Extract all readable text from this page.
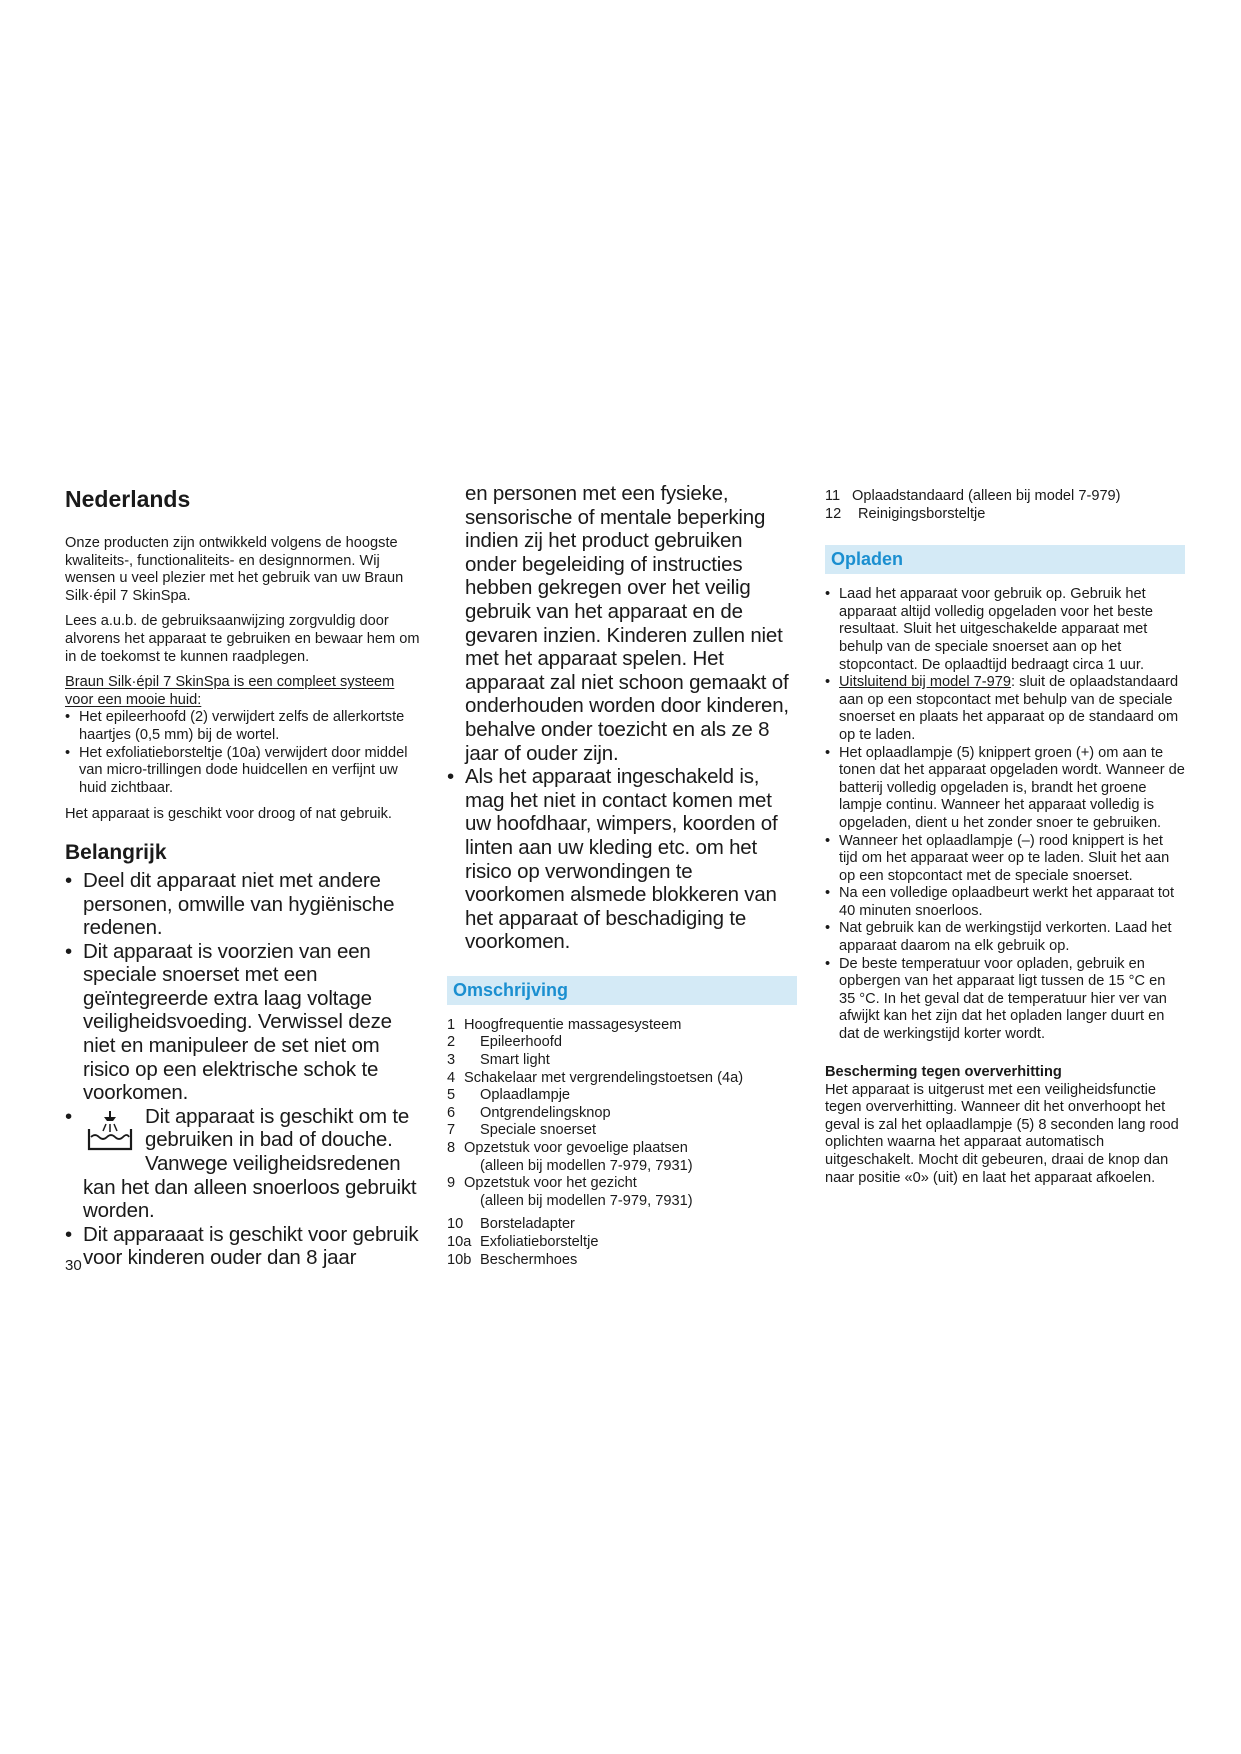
Nederlands

Onze producten zijn ontwikkeld volgens de hoogste kwaliteits-, functionaliteits- en designnormen. Wij wensen u veel plezier met het gebruik van uw Braun Silk·épil 7 SkinSpa.

Lees a.u.b. de gebruiksaanwijzing zorgvuldig door alvorens het apparaat te gebruiken en bewaar hem om in de toekomst te kunnen raadplegen.

Braun Silk·épil 7 SkinSpa is een compleet systeem voor een mooie huid:

• Het epileerhoofd (2) verwijdert zelfs de allerkortste haartjes (0,5 mm) bij de wortel.
• Het exfoliatieborsteltje (10a) verwijdert door middel van micro-trillingen dode huidcellen en verfijnt uw huid zichtbaar.

Het apparaat is geschikt voor droog of nat gebruik.

Belangrijk
• Deel dit apparaat niet met andere personen, omwille van hygiënische redenen.
• Dit apparaat is voorzien van een speciale snoerset met een geïntegreerde extra laag voltage veiligheidsvoeding. Verwissel deze niet en manipuleer de set niet om risico op een elektrische schok te voorkomen.

• Dit apparaat is geschikt om te gebruiken in bad of douche. Vanwege veiligheidsredenen kan het dan alleen snoerloos gebruikt worden.

• Dit apparaaat is geschikt voor gebruik voor kinderen ouder dan 8 jaar
30

en personen met een fysieke, sensorische of mentale beperking indien zij het product gebruiken onder begeleiding of instructies hebben gekregen over het veilig gebruik van het apparaat en de gevaren inzien. Kinderen zullen niet met het apparaat spelen. Het apparaat zal niet schoon gemaakt of onderhouden worden door kinderen, behalve onder toezicht en als ze 8 jaar of ouder zijn.

• Als het apparaat ingeschakeld is, mag het niet in contact komen met uw hoofdhaar, wimpers, koorden of linten aan uw kleding etc. om het risico op verwondingen te voorkomen alsmede blokkeren van het apparaat of beschadiging te voorkomen.
Omschrijving
1	Hoogfrequentie massagesysteem
2	Epileerhoofd
3	Smart light
4	Schakelaar met vergrendelingstoetsen (4a)
5	Oplaadlampje
6	Ontgrendelingsknop
7	Speciale snoerset
8	Opzetstuk voor gevoelige plaatsen
	(alleen bij modellen 7-979, 7931)
9	Opzetstuk voor het gezicht
	(alleen bij modellen 7-979, 7931)
10	Borsteladapter
10a	Exfoliatieborsteltje
10b	Beschermhoes
11	Oplaadstandaard (alleen bij model 7-979)
12	Reinigingsborsteltje
Opladen
• Laad het apparaat voor gebruik op. Gebruik het apparaat altijd volledig opgeladen voor het beste resultaat. Sluit het uitgeschakelde apparaat met behulp van de speciale snoerset aan op het stopcontact. De oplaadtijd bedraagt circa 1 uur.
• Uitsluitend bij model 7-979: sluit de oplaadstandaard aan op een stopcontact met behulp van de speciale snoerset en plaats het apparaat op de standaard om op te laden.
• Het oplaadlampje (5) knippert groen (+) om aan te tonen dat het apparaat opgeladen wordt. Wanneer de batterij volledig opgeladen is, brandt het groene lampje continu. Wanneer het apparaat volledig is opgeladen, dient u het zonder snoer te gebruiken.
• Wanneer het oplaadlampje (–) rood knippert is het tijd om het apparaat weer op te laden. Sluit het aan op een stopcontact met de speciale snoerset.
• Na een volledige oplaadbeurt werkt het apparaat tot 40 minuten snoerloos.
• Nat gebruik kan de werkingstijd verkorten. Laad het apparaat daarom na elk gebruik op.
• De beste temperatuur voor opladen, gebruik en opbergen van het apparaat ligt tussen de 15 °C en 35 °C. In het geval dat de temperatuur hier ver van afwijkt kan het zijn dat het opladen langer duurt en dat de werkingstijd korter wordt.
Bescherming tegen oververhitting

Het apparaat is uitgerust met een veiligheidsfunctie tegen oververhitting. Wanneer dit het onverhoopt het geval is zal het oplaadlampje (5) 8 seconden lang rood oplichten waarna het apparaat automatisch uitgeschakelt. Mocht dit gebeuren, draai de knop dan naar positie «0» (uit) en laat het apparaat afkoelen.
